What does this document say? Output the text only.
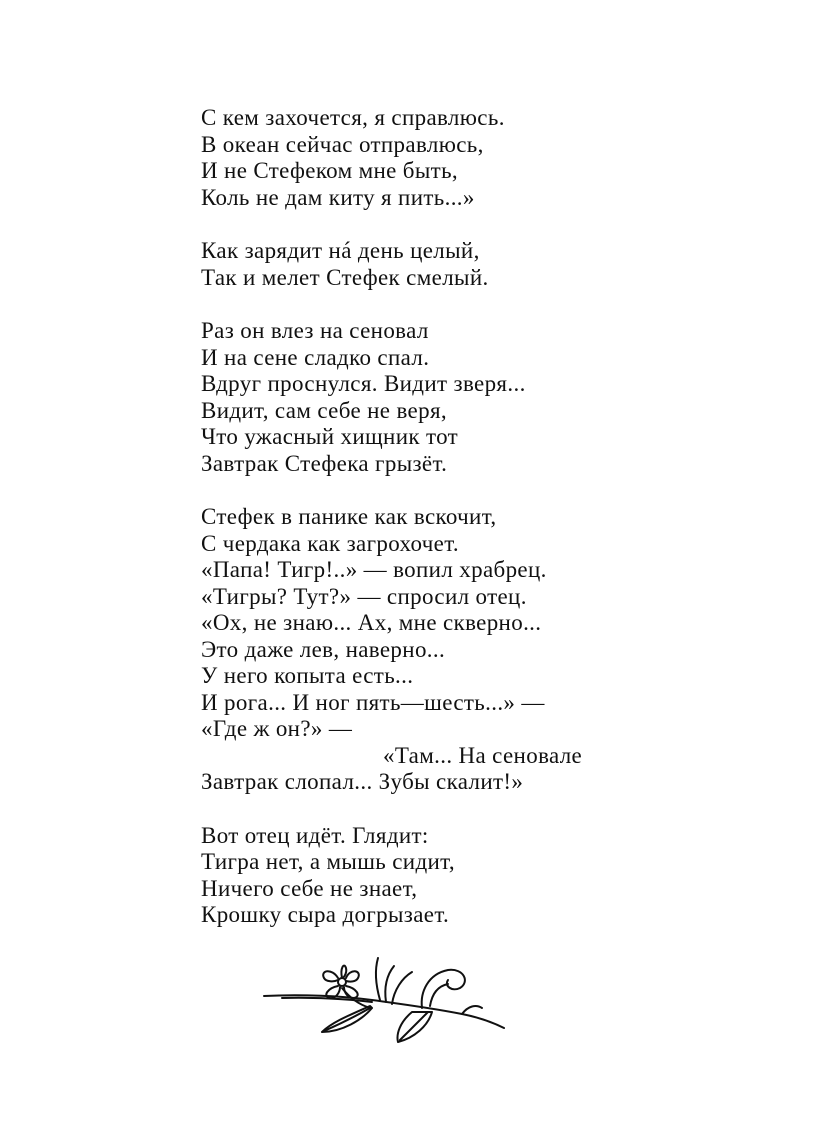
С кем захочется, я справлюсь.
В океан сейчас отправлюсь,
И не Стефеком мне быть,
Коль не дам киту я пить...»
Как зарядит нá день целый,
Так и мелет Стефек смелый.
Раз он влез на сеновал
И на сене сладко спал.
Вдруг проснулся. Видит зверя...
Видит, сам себе не веря,
Что ужасный хищник тот
Завтрак Стефека грызёт.
Стефек в панике как вскочит,
С чердака как загрохочет.
«Папа! Тигр!..» — вопил храбрец.
«Тигры? Тут?» — спросил отец.
«Ох, не знаю... Ах, мне скверно...
Это даже лев, наверно...
У него копыта есть...
И рога... И ног пять—шесть...» —
«Где ж он?» —
«Там... На сеновале
Завтрак слопал... Зубы скалит!»
Вот отец идёт. Глядит:
Тигра нет, а мышь сидит,
Ничего себе не знает,
Крошку сыра догрызает.
